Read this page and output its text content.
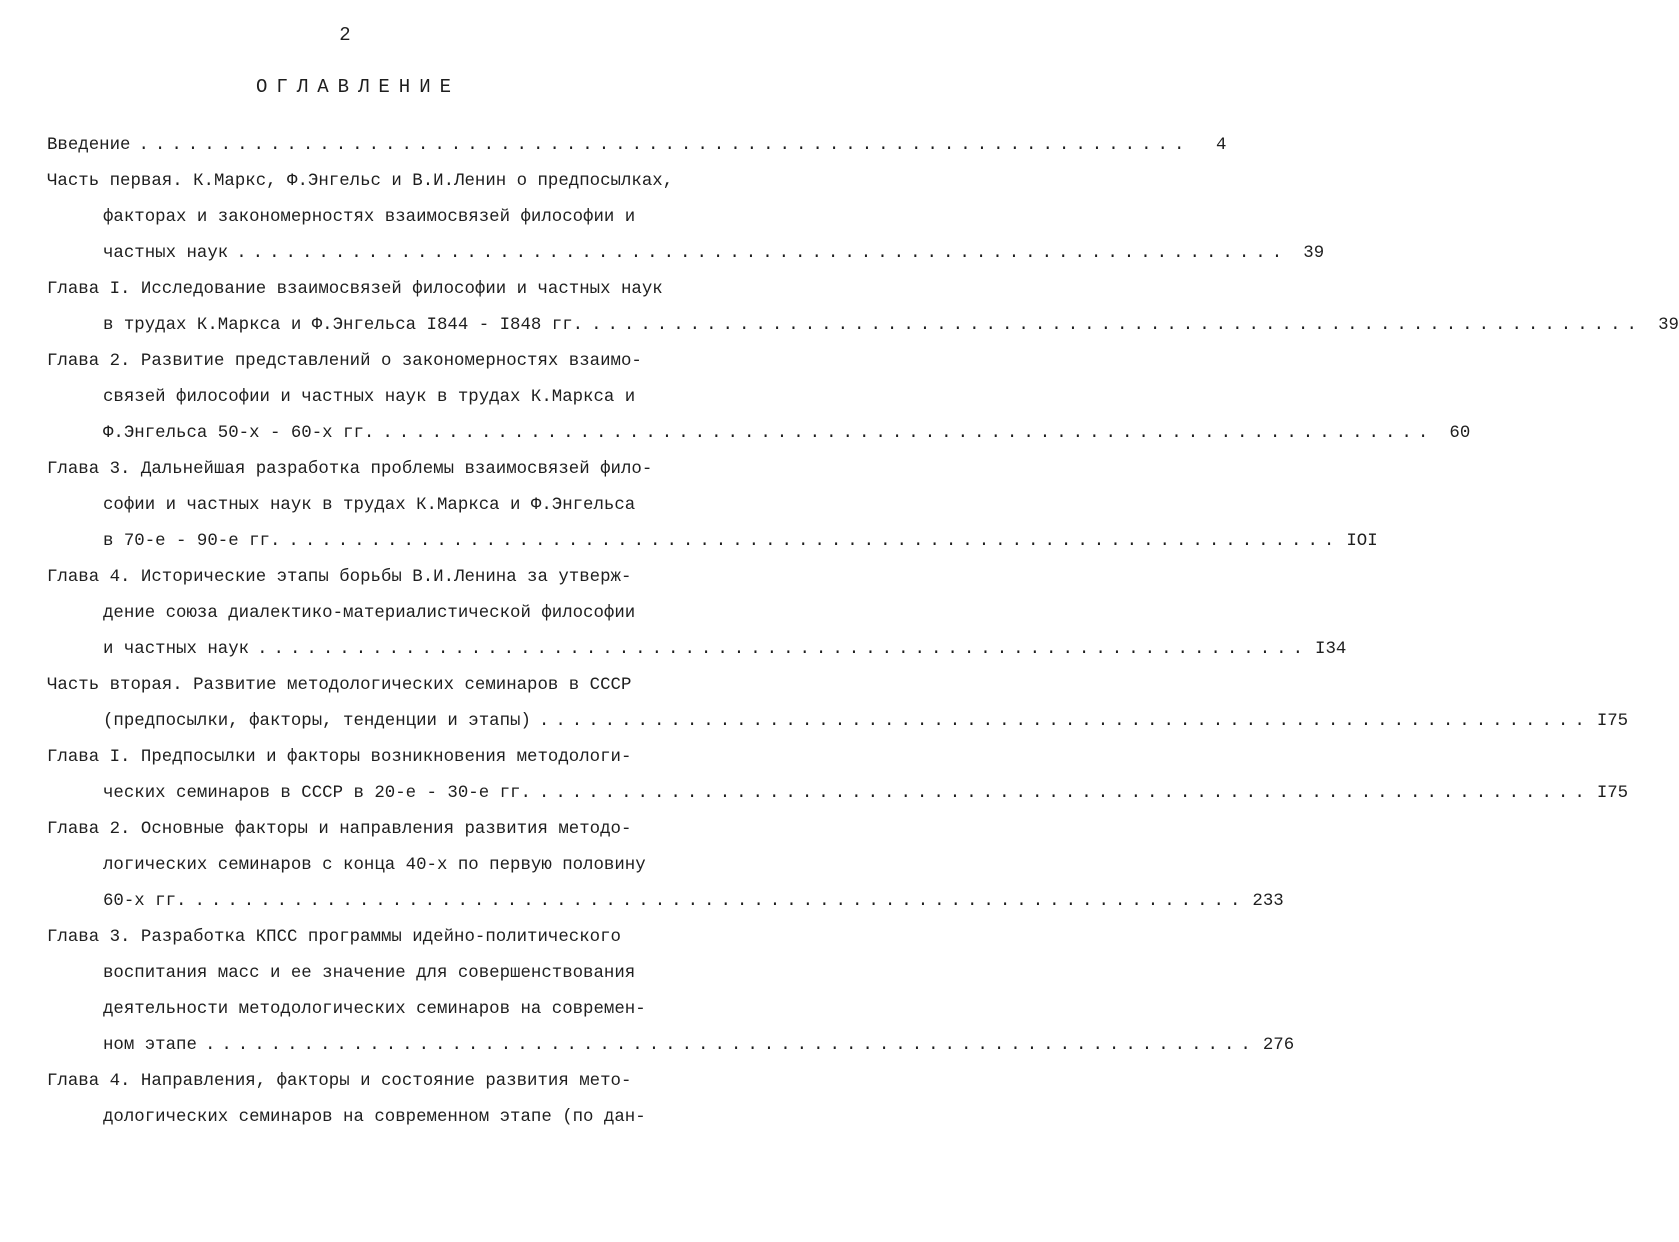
2
ОГЛАВЛЕНИЕ
Введение ................................................................	4
Часть первая. К.Маркс, Ф.Энгельс и В.И.Ленин о предпосылках,
факторах и закономерностях взаимосвязей философии и
частных наук ................................................................ 39
Глава I. Исследование взаимосвязей философии и частных наук
в трудах К.Маркса и Ф.Энгельса I844 - I848 гг. ................................................................ 39
Глава 2. Развитие представлений о закономерностях взаимо-
связей философии и частных наук в трудах К.Маркса и
Ф.Энгельса 50-х - 60-х гг. ................................................................ 60
Глава 3. Дальнейшая разработка проблемы взаимосвязей фило-
софии и частных наук в трудах К.Маркса и Ф.Энгельса
в 70-е - 90-е гг. ................................................................ IOI
Глава 4. Исторические этапы борьбы В.И.Ленина за утверж-
дение союза диалектико-материалистической философии
и частных наук ................................................................ I34
Часть вторая. Развитие методологических семинаров в СССР
(предпосылки, факторы, тенденции и этапы) ................................................................ I75
Глава I. Предпосылки и факторы возникновения методологи-
ческих семинаров в СССР в 20-е - 30-е гг. ................................................................ I75
Глава 2. Основные факторы и направления развития методо-
логических семинаров с конца 40-х по первую половину
60-х гг. ................................................................ 233
Глава 3. Разработка КПСС программы идейно-политического
воспитания масс и ее значение для совершенствования
деятельности методологических семинаров на современ-
ном этапе ................................................................ 276
Глава 4. Направления, факторы и состояние развития мето-
дологических семинаров на современном этапе (по дан-
